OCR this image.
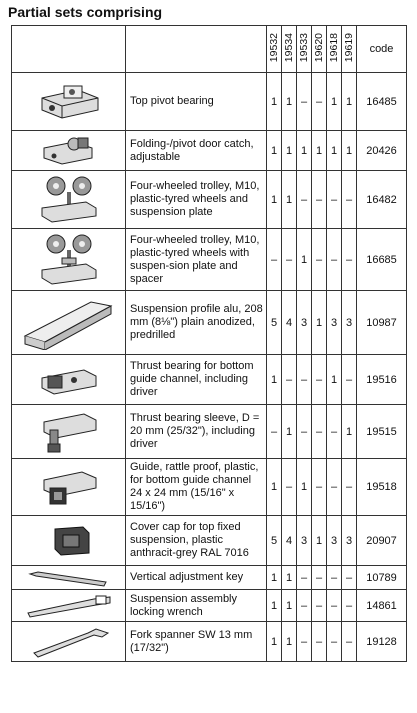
Partial sets comprising
		19532	19534	19533	19620	19618	19619	code

	Top pivot bearing	1	1	–	–	1	1	16485

	Folding-/pivot door catch, adjustable	1	1	1	1	1	1	20426

	Four-wheeled trolley, M10, plastic-tyred wheels and suspension plate	1	1	–	–	–	–	16482

	Four-wheeled trolley, M10, plastic-tyred wheels with suspen-sion plate and spacer	–	–	1	–	–	–	16685

	Suspension profile alu, 208 mm (8⅛") plain anodized, predrilled	5	4	3	1	3	3	10987

	Thrust bearing for bottom guide channel, including driver	1	–	–	–	1	–	19516

	Thrust bearing sleeve, D = 20 mm (25/32"), including driver	–	1	–	–	–	1	19515

	Guide, rattle proof, plastic, for bottom guide channel 24 x 24 mm (15/16" x 15/16")	1	–	1	–	–	–	19518

	Cover cap for top fixed suspension, plastic anthracit-grey RAL 7016	5	4	3	1	3	3	20907

	Vertical adjustment key	1	1	–	–	–	–	10789

	Suspension assembly locking wrench	1	1	–	–	–	–	14861

	Fork spanner SW 13 mm (17/32")	1	1	–	–	–	–	19128
